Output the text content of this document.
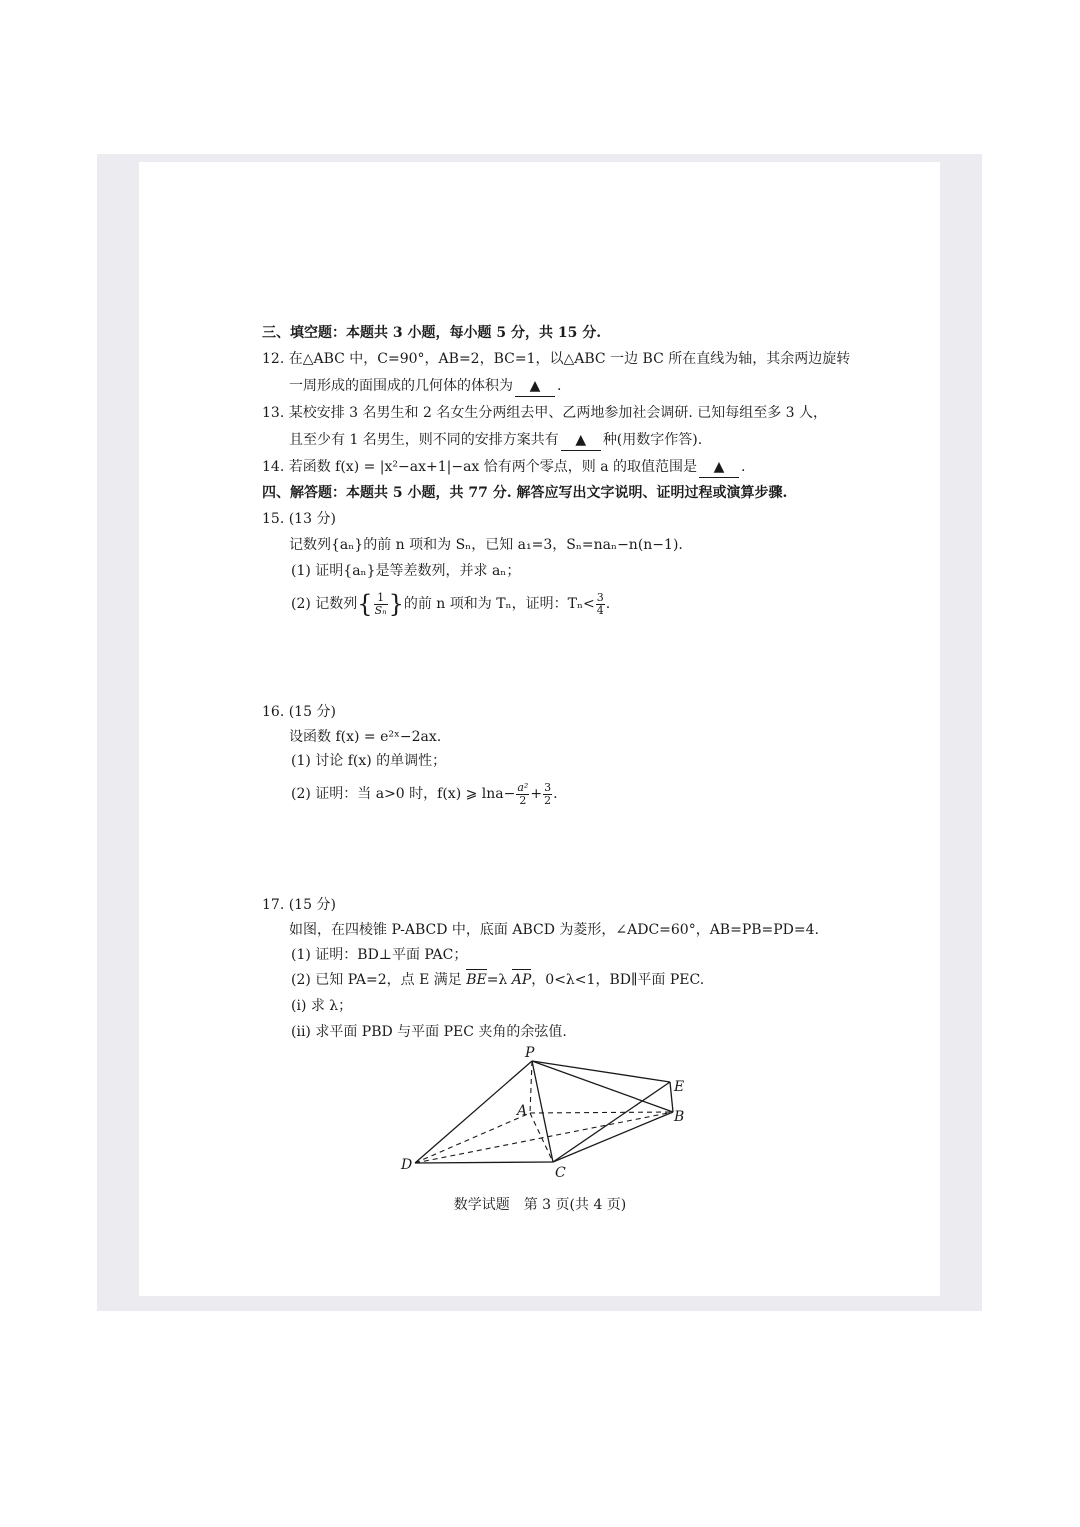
三、填空题：本题共 3 小题，每小题 5 分，共 15 分.
12. 在△ABC 中，C=90°，AB=2，BC=1，以△ABC 一边 BC 所在直线为轴，其余两边旋转
一周形成的面围成的几何体的体积为 ▲ .
13. 某校安排 3 名男生和 2 名女生分两组去甲、乙两地参加社会调研. 已知每组至多 3 人，
且至少有 1 名男生，则不同的安排方案共有 ▲ 种(用数字作答).
14. 若函数 f(x) = |x²−ax+1|−ax 恰有两个零点，则 a 的取值范围是 ▲ .
四、解答题：本题共 5 小题，共 77 分. 解答应写出文字说明、证明过程或演算步骤.
15. (13 分)
记数列{aₙ}的前 n 项和为 Sₙ，已知 a₁=3，Sₙ=naₙ−n(n−1).
(1) 证明{aₙ}是等差数列，并求 aₙ；
(2) 记数列{ $\frac{1}{\text{Sₙ}}$ }的前 n 项和为 Tₙ，证明：$T_n< \frac{3}{4}$ .
16. (15 分)
设函数 f(x) = e²ˣ−2ax.
(1) 讨论 f(x) 的单调性；
(2) 证明：当 a>0 时，f(x) ⩾ $\ln a- \frac{\text{a²}}{2} + \frac{3}{2}$ .
17. (15 分)
如图，在四棱锥 P-ABCD 中，底面 ABCD 为菱形，∠ADC=60°，AB=PB=PD=4.
(1) 证明：BD⊥平面 PAC；
(2) 已知 PA=2，点 E 满足 BE=λ AP，0<λ<1，BD∥平面 PEC.
(i) 求 λ；
(ii) 求平面 PBD 与平面 PEC 夹角的余弦值.
P
A
E
B
D	C
数学试题　第 3 页(共 4 页)
